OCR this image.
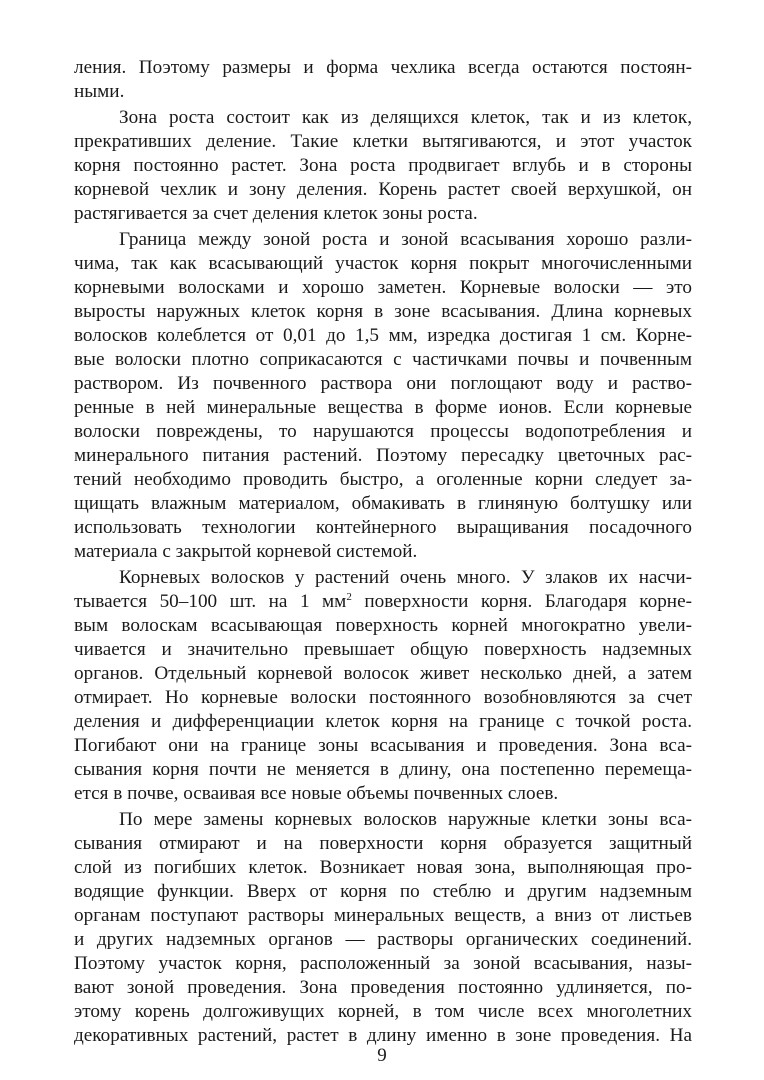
ления. Поэтому размеры и форма чехлика всегда остаются постоян-
ными.
Зона роста состоит как из делящихся клеток, так и из клеток,
прекративших деление. Такие клетки вытягиваются, и этот участок
корня постоянно растет. Зона роста продвигает вглубь и в стороны
корневой чехлик и зону деления. Корень растет своей верхушкой, он
растягивается за счет деления клеток зоны роста.
Граница между зоной роста и зоной всасывания хорошо разли-
чима, так как всасывающий участок корня покрыт многочисленными
корневыми волосками и хорошо заметен. Корневые волоски — это
выросты наружных клеток корня в зоне всасывания. Длина корневых
волосков колеблется от 0,01 до 1,5 мм, изредка достигая 1 см. Корне-
вые волоски плотно соприкасаются с частичками почвы и почвенным
раствором. Из почвенного раствора они поглощают воду и раство-
ренные в ней минеральные вещества в форме ионов. Если корневые
волоски повреждены, то нарушаются процессы водопотребления и
минерального питания растений. Поэтому пересадку цветочных рас-
тений необходимо проводить быстро, а оголенные корни следует за-
щищать влажным материалом, обмакивать в глиняную болтушку или
использовать технологии контейнерного выращивания посадочного
материала с закрытой корневой системой.
Корневых волосков у растений очень много. У злаков их насчи-
тывается 50–100 шт. на 1 $мм^2$ поверхности корня. Благодаря корне-
вым волоскам всасывающая поверхность корней многократно увели-
чивается и значительно превышает общую поверхность надземных
органов. Отдельный корневой волосок живет несколько дней, а затем
отмирает. Но корневые волоски постоянного возобновляются за счет
деления и дифференциации клеток корня на границе с точкой роста.
Погибают они на границе зоны всасывания и проведения. Зона вса-
сывания корня почти не меняется в длину, она постепенно перемеща-
ется в почве, осваивая все новые объемы почвенных слоев.
По мере замены корневых волосков наружные клетки зоны вса-
сывания отмирают и на поверхности корня образуется защитный
слой из погибших клеток. Возникает новая зона, выполняющая про-
водящие функции. Вверх от корня по стеблю и другим надземным
органам поступают растворы минеральных веществ, а вниз от листьев
и других надземных органов — растворы органических соединений.
Поэтому участок корня, расположенный за зоной всасывания, назы-
вают зоной проведения. Зона проведения постоянно удлиняется, по-
этому корень долгоживущих корней, в том числе всех многолетних
декоративных растений, растет в длину именно в зоне проведения. На
9
